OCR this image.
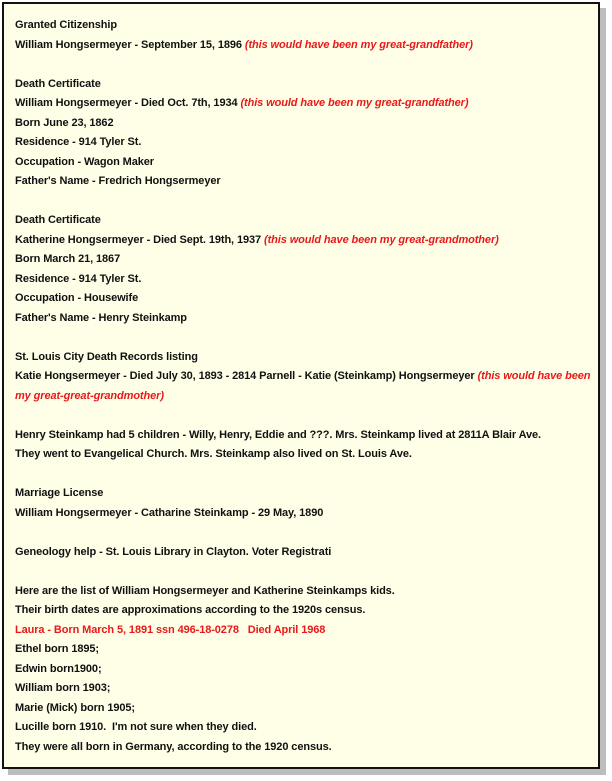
Granted Citizenship
William Hongsermeyer - September 15, 1896 (this would have been my great-grandfather)
Death Certificate
William Hongsermeyer - Died Oct. 7th, 1934 (this would have been my great-grandfather)
Born June 23, 1862
Residence - 914 Tyler St.
Occupation - Wagon Maker
Father's Name - Fredrich Hongsermeyer
Death Certificate
Katherine Hongsermeyer - Died Sept. 19th, 1937 (this would have been my great-grandmother)
Born March 21, 1867
Residence - 914 Tyler St.
Occupation - Housewife
Father's Name - Henry Steinkamp
St. Louis City Death Records listing
Katie Hongsermeyer - Died July 30, 1893 - 2814 Parnell - Katie (Steinkamp) Hongsermeyer (this would have been my great-great-grandmother)
Henry Steinkamp had 5 children - Willy, Henry, Eddie and ???. Mrs. Steinkamp lived at 2811A Blair Ave.
They went to Evangelical Church. Mrs. Steinkamp also lived on St. Louis Ave.
Marriage License
William Hongsermeyer - Catharine Steinkamp - 29 May, 1890
Geneology help - St. Louis Library in Clayton. Voter Registrati
Here are the list of William Hongsermeyer and Katherine Steinkamps kids.
Their birth dates are approximations according to the 1920s census.
Laura - Born March 5, 1891 ssn 496-18-0278   Died April 1968
Ethel born 1895;
Edwin born1900;
William born 1903;
Marie (Mick) born 1905;
Lucille born 1910.  I'm not sure when they died.
They were all born in Germany, according to the 1920 census.
